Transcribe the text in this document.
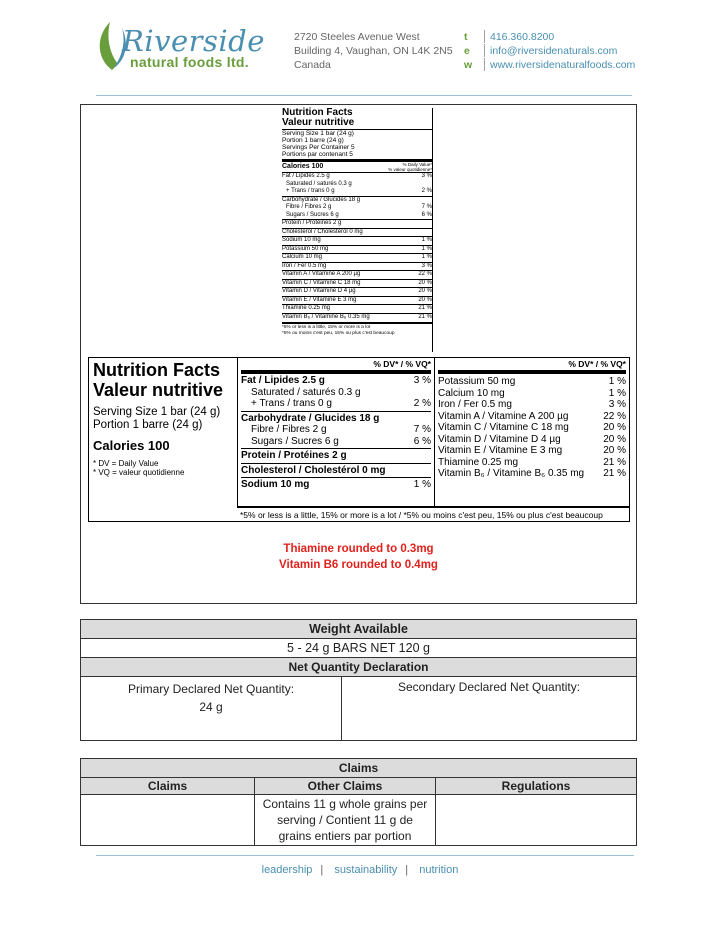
Riverside
natural foods ltd.
2720 Steeles Avenue West
Building 4, Vaughan, ON L4K 2N5
Canada
t	416.360.8200
e	info@riversidenaturals.com
w	www.riversidenaturalfoods.com
Nutrition Facts
Valeur nutritive
Serving Size 1 bar (24 g)
Portion 1 barre (24 g)
Servings Per Container 5
Portions par contenant 5
Calories 100	% Daily Value*
% valeur quotidienne*
Fat / Lipides 2.5 g	3 %
Saturated / saturés 0.3 g
+ Trans / trans 0 g	2 %
Carbohydrate / Glucides 18 g
Fibre / Fibres 2 g	7 %
Sugars / Sucres 6 g	6 %
Protein / Protéines 2 g
Cholesterol / Cholestérol 0 mg
Sodium 10 mg	1 %
Potassium 50 mg	1 %
Calcium 10 mg	1 %
Iron / Fer 0.5 mg	3 %
Vitamin A / Vitamine A 200 µg	22 %
Vitamin C / Vitamine C 18 mg	20 %
Vitamin D / Vitamine D 4 µg	20 %
Vitamin E / Vitamine E 3 mg	20 %
Thiamine 0.25 mg	21 %
Vitamin B₆ / Vitamine B₆ 0.35 mg	21 %
*5% or less is a little, 15% or more is a lot
*5% ou moins c'est peu, 15% ou plus c'est beaucoup
Nutrition Facts
Valeur nutritive
Serving Size 1 bar (24 g)
Portion 1 barre (24 g)
Calories 100
* DV = Daily Value
* VQ = valeur quotidienne
% DV* / % VQ*
Fat / Lipides 2.5 g	3 %
Saturated / saturés 0.3 g
+ Trans / trans 0 g	2 %
Carbohydrate / Glucides 18 g
Fibre / Fibres 2 g	7 %
Sugars / Sucres 6 g	6 %
Protein / Protéines 2 g
Cholesterol / Cholestérol 0 mg
Sodium 10 mg	1 %
% DV* / % VQ*
Potassium 50 mg	1 %
Calcium 10 mg	1 %
Iron / Fer 0.5 mg	3 %
Vitamin A / Vitamine A 200 µg	22 %
Vitamin C / Vitamine C 18 mg	20 %
Vitamin D / Vitamine D 4 µg	20 %
Vitamin E / Vitamine E 3 mg	20 %
Thiamine 0.25 mg	21 %
Vitamin B₆ / Vitamine B₆ 0.35 mg 21 %
*5% or less is a little, 15% or more is a lot / *5% ou moins c'est peu, 15% ou plus c'est beaucoup
Thiamine rounded to 0.3mg
Vitamin B6 rounded to 0.4mg
Weight Available
5 - 24 g BARS NET 120 g
Net Quantity Declaration

Primary Declared Net Quantity:
24 g
	Secondary Declared Net Quantity:
Claims		
Claims	Other Claims	Regulations
	Contains 11 g whole grains per serving / Contient 11 g de grains entiers par portion	
leadership | sustainability | nutrition
